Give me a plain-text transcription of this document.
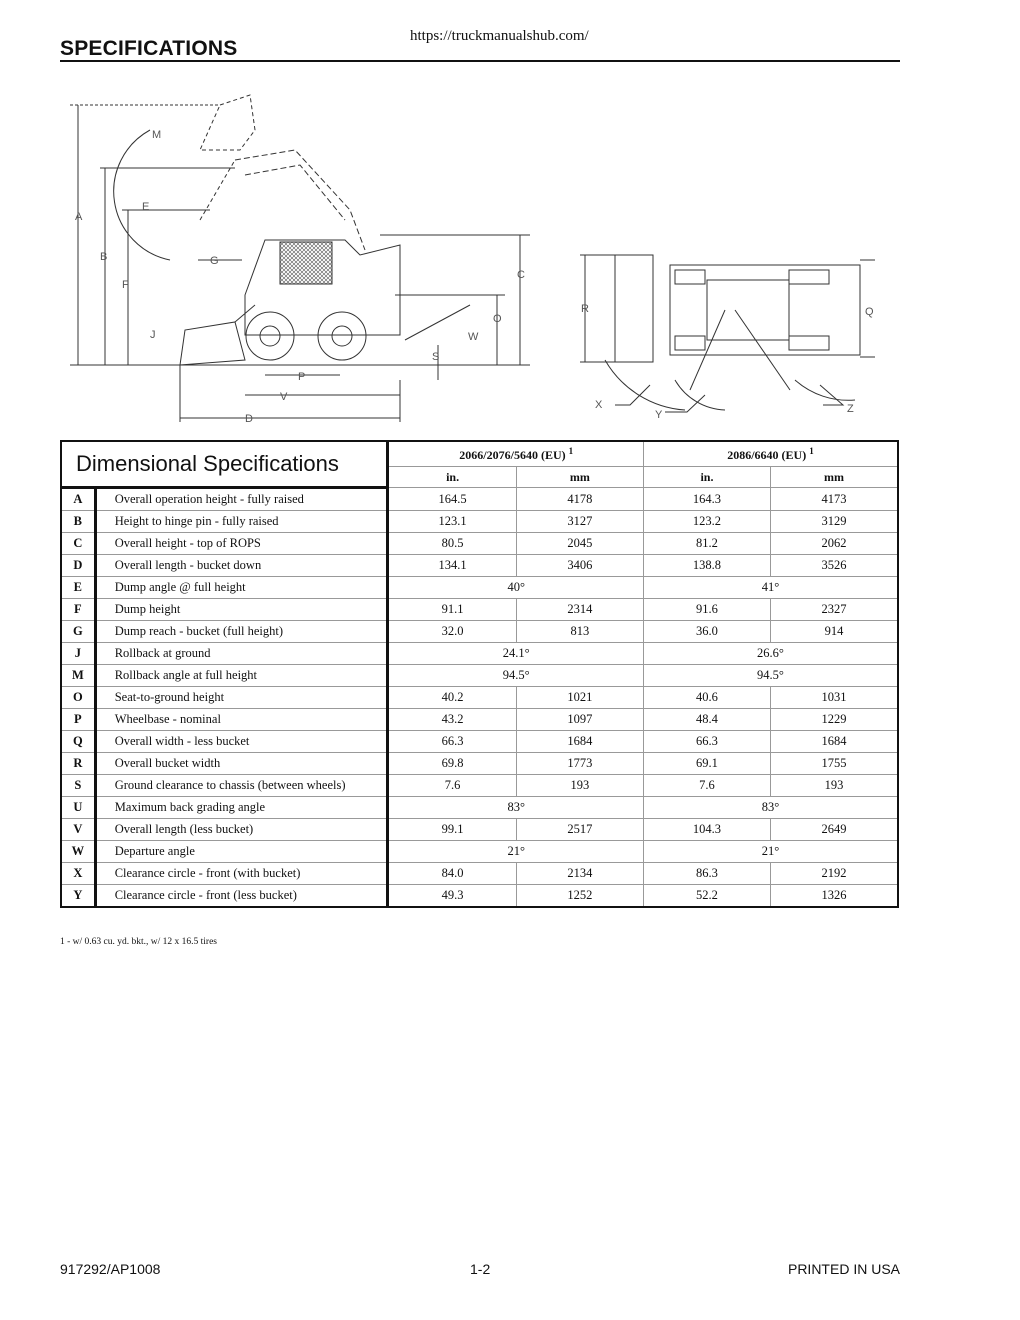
https://truckmanualshub.com/
SPECIFICATIONS
M
A
E
B	G
F
C
O
J	W
S
P
V
D
R	Q
X
Y	Z
Dimensional Specifications		2066/2076/5640 (EU) $^1$		2086/6640 (EU) $^1$
		in.	mm	in.	mm
A	Overall operation height - fully raised	164.5	4178	164.3	4173
B	Height to hinge pin - fully raised	123.1	3127	123.2	3129
C	Overall height - top of ROPS	80.5	2045	81.2	2062
D	Overall length - bucket down	134.1	3406	138.8	3526
E	Dump angle @ full height	40°		41°	
F	Dump height	91.1	2314	91.6	2327
G	Dump reach - bucket (full height)	32.0	813	36.0	914
J	Rollback at ground	24.1°		26.6°	
M	Rollback angle at full height	94.5°		94.5°	
O	Seat-to-ground height	40.2	1021	40.6	1031
P	Wheelbase - nominal	43.2	1097	48.4	1229
Q	Overall width - less bucket	66.3	1684	66.3	1684
R	Overall bucket width	69.8	1773	69.1	1755
S	Ground clearance to chassis (between wheels)	7.6	193	7.6	193
U	Maximum back grading angle	83°		83°	
V	Overall length (less bucket)	99.1	2517	104.3	2649
W	Departure angle	21°		21°	
X	Clearance circle - front (with bucket)	84.0	2134	86.3	2192
Y	Clearance circle - front (less bucket)	49.3	1252	52.2	1326
1 - w/ 0.63 cu. yd. bkt., w/ 12 x 16.5 tires
917292/AP1008	1-2	PRINTED IN USA
